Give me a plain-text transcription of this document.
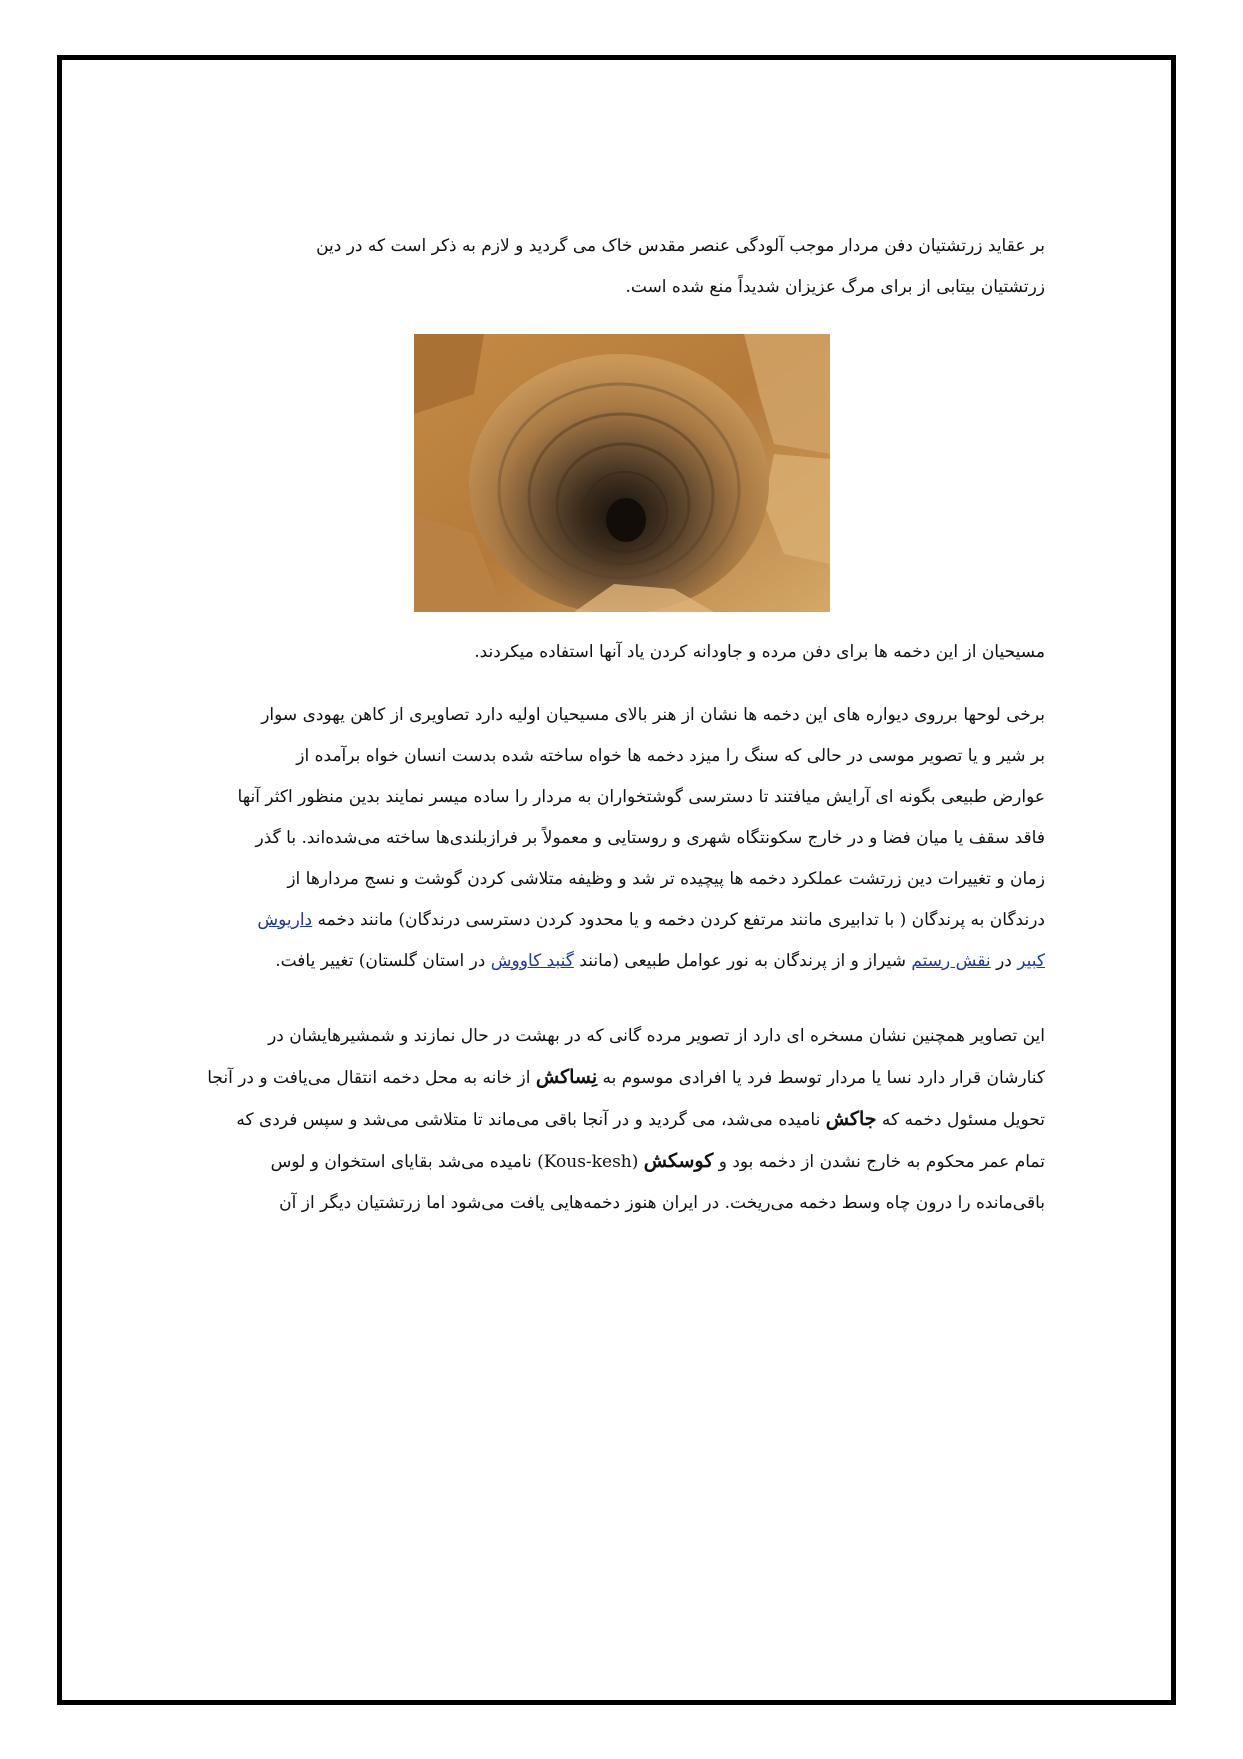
بر عقاید زرتشتیان دفن مردار موجب آلودگی عنصر مقدس خاک می گردید و لازم به ذکر است که در دین
زرتشتیان بیتابی از برای مرگ عزیزان شدیداً منع شده است.
مسیحیان از این دخمه ها برای دفن مرده و جاودانه کردن یاد آنها استفاده میکردند.
برخی لوحها برروی دیواره های این دخمه ها نشان از هنر بالای مسیحیان اولیه دارد تصاویری از کاهن یهودی سوار
بر شیر و یا تصویر موسی در حالی که سنگ را میزد دخمه ها خواه ساخته شده بدست انسان خواه برآمده از
عوارض طبیعی بگونه ای آرایش میافتند تا دسترسی گوشتخواران به مردار را ساده میسر نمایند بدین منظور اکثر آنها
فاقد سقف یا میان فضا و در خارج سکونتگاه شهری و روستایی و معمولاً بر فرازبلندی‌ها ساخته می‌شده‌اند. با گذر
زمان و تغییرات دین زرتشت عملکرد دخمه ها پیچیده تر شد و وظیفه متلاشی کردن گوشت و نسج مردارها از
درندگان به پرندگان ( با تدابیری مانند مرتفع کردن دخمه و یا محدود کردن دسترسی درندگان) مانند دخمه داریوش
کبیر در نقش رستم شیراز و از پرندگان به نور عوامل طبیعی (مانند گنبد کاووش در استان گلستان) تغییر یافت.
این تصاویر همچنین نشان مسخره ای دارد از تصویر مرده گانی که در بهشت در حال نمازند و شمشیرهایشان در
کنارشان قرار دارد نسا یا مردار توسط فرد یا افرادی موسوم به نِساکش از خانه به محل دخمه انتقال می‌یافت و در آنجا
تحویل مسئول دخمه که جاکش نامیده می‌شد، می گردید و در آنجا باقی می‌ماند تا متلاشی می‌شد و سپس فردی که
تمام عمر محکوم به خارج نشدن از دخمه بود و کوسکش (Kous-kesh) نامیده می‌شد بقایای استخوان و لوس
باقی‌مانده را درون چاه وسط دخمه می‌ریخت. در ایران هنوز دخمه‌هایی یافت می‌شود اما زرتشتیان دیگر از آن
